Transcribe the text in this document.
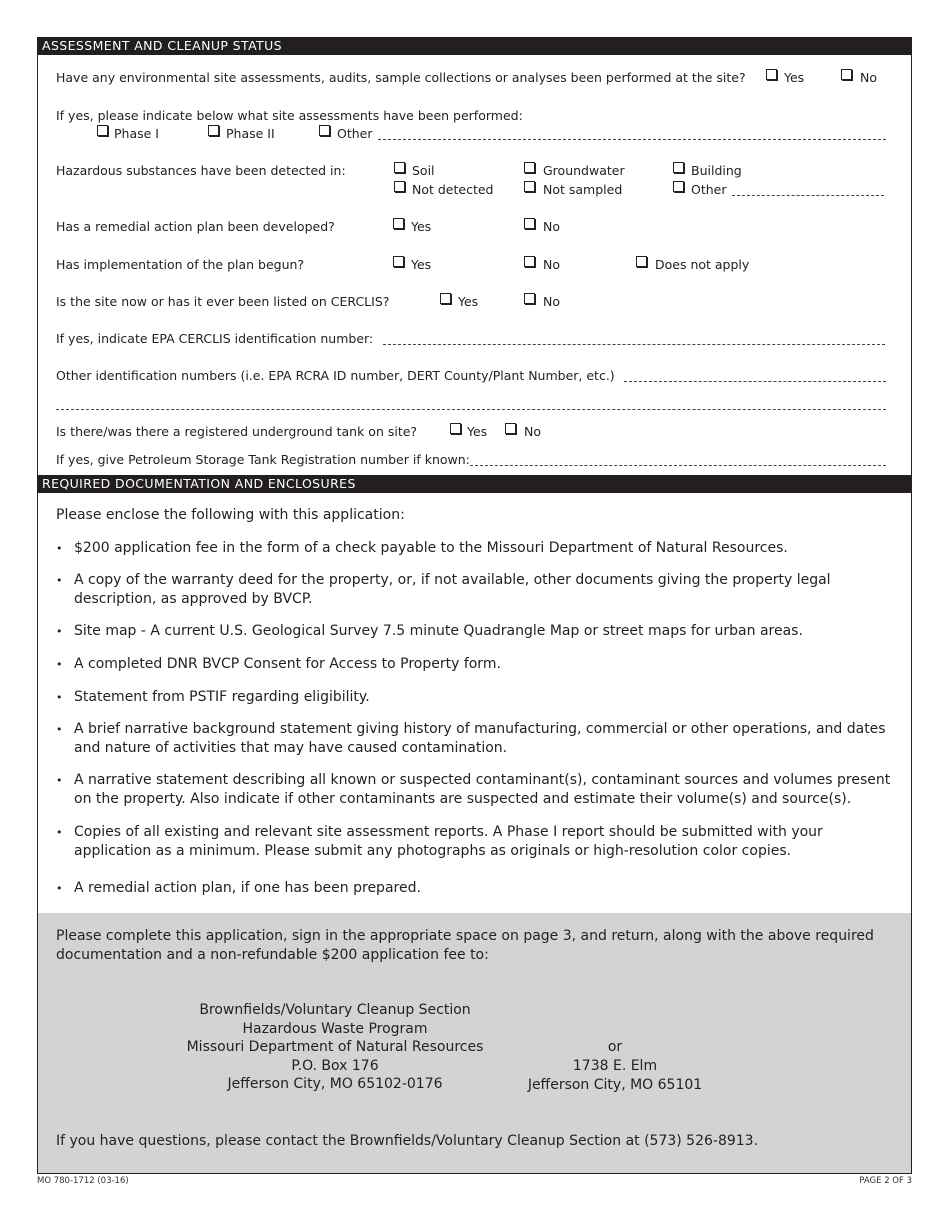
ASSESSMENT AND CLEANUP STATUS
Have any environmental site assessments, audits, sample collections or analyses been performed at the site?	Yes	No
If yes, please indicate below what site assessments have been performed:
Phase I	Phase II	Other
Hazardous substances have been detected in:	Soil	Groundwater	Building
Not detected	Not sampled	Other
Has a remedial action plan been developed?	Yes	No
Has implementation of the plan begun?	Yes	No	Does not apply
Is the site now or has it ever been listed on CERCLIS?	Yes	No
If yes, indicate EPA CERCLIS identification number:
Other identification numbers (i.e. EPA RCRA ID number, DERT County/Plant Number, etc.)
Is there/was there a registered underground tank on site?	Yes	No
If yes, give Petroleum Storage Tank Registration number if known:
REQUIRED DOCUMENTATION AND ENCLOSURES
Please enclose the following with this application:
• $200 application fee in the form of a check payable to the Missouri Department of Natural Resources.
• A copy of the warranty deed for the property, or, if not available, other documents giving the property legal description, as approved by BVCP.
• Site map - A current U.S. Geological Survey 7.5 minute Quadrangle Map or street maps for urban areas.
• A completed DNR BVCP Consent for Access to Property form.
• Statement from PSTIF regarding eligibility.
• A brief narrative background statement giving history of manufacturing, commercial or other operations, and dates and nature of activities that may have caused contamination.
• A narrative statement describing all known or suspected contaminant(s), contaminant sources and volumes present on the property. Also indicate if other contaminants are suspected and estimate their volume(s) and source(s).
• Copies of all existing and relevant site assessment reports. A Phase I report should be submitted with your application as a minimum. Please submit any photographs as originals or high-resolution color copies.
• A remedial action plan, if one has been prepared.
Please complete this application, sign in the appropriate space on page 3, and return, along with the above required documentation and a non-refundable $200 application fee to:
Brownfields/Voluntary Cleanup Section
Hazardous Waste Program
Missouri Department of Natural Resources
P.O. Box 176
Jefferson City, MO 65102-0176
or
1738 E. Elm
Jefferson City, MO 65101
If you have questions, please contact the Brownfields/Voluntary Cleanup Section at (573) 526-8913.
MO 780-1712 (03-16)	PAGE 2 OF 3
